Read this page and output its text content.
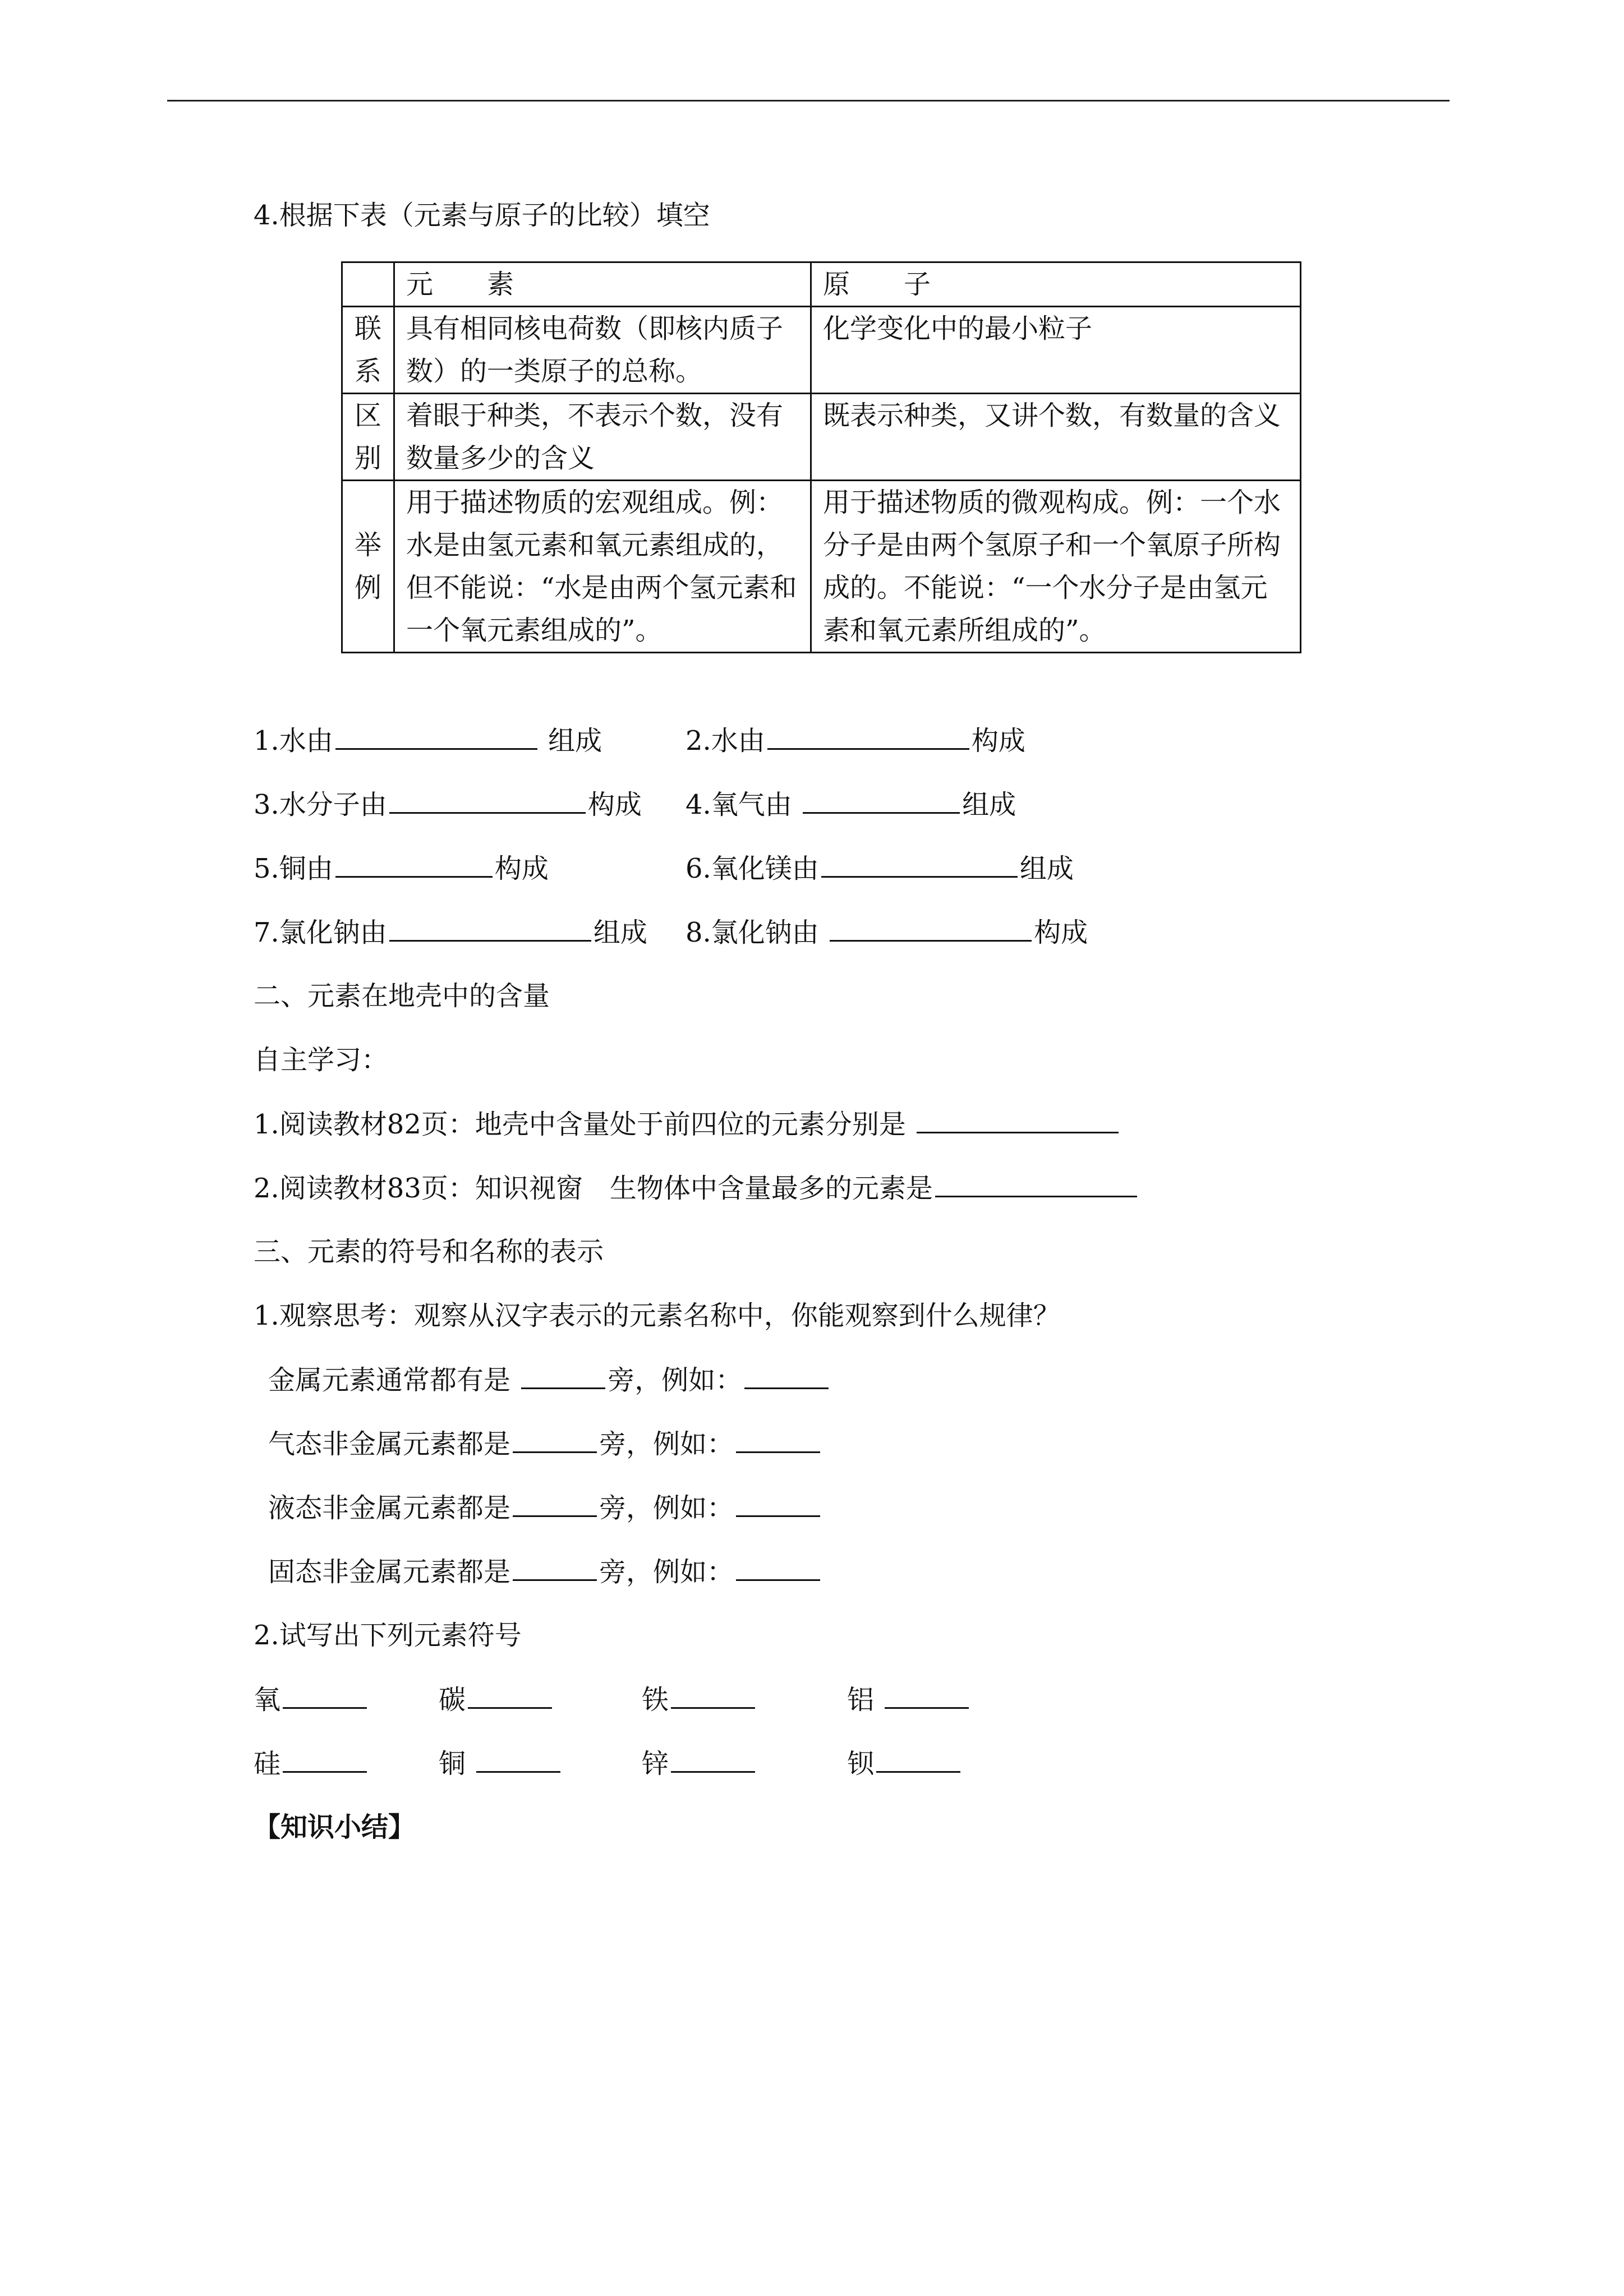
4.根据下表（元素与原子的比较）填空
	元　　素	原　　子
联系	具有相同核电荷数（即核内质子数）的一类原子的总称。	化学变化中的最小粒子
区别	着眼于种类，不表示个数，没有数量多少的含义	既表示种类，又讲个数，有数量的含义
举例	用于描述物质的宏观组成。例：水是由氢元素和氧元素组成的，但不能说：“水是由两个氢元素和一个氧元素组成的”。	用于描述物质的微观构成。例：一个水分子是由两个氢原子和一个氧原子所构成的。不能说：“一个水分子是由氢元素和氧元素所组成的”。
1.水由	组成	2.水由	构成
3.水分子由	构成 4.氧气由	组成
5.铜由	构成	6.氧化镁由	组成
7.氯化钠由	组成 8.氯化钠由	构成
二、元素在地壳中的含量
自主学习：
1.阅读教材82页：地壳中含量处于前四位的元素分别是
2.阅读教材83页：知识视窗　生物体中含量最多的元素是
三、元素的符号和名称的表示
1.观察思考：观察从汉字表示的元素名称中，你能观察到什么规律？
金属元素通常都有是	旁，例如：
气态非金属元素都是	旁，例如：
液态非金属元素都是	旁，例如：
固态非金属元素都是	旁，例如：
2.试写出下列元素符号
氧	碳	铁	铝
硅	铜	锌	钡
【知识小结】
